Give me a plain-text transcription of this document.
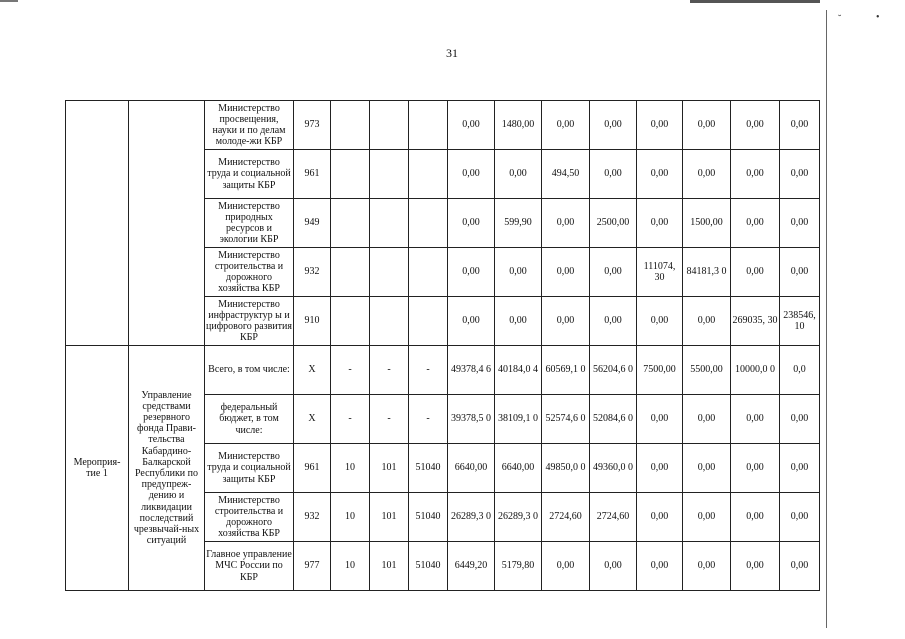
˘	•
31
		Министерство просвещения, науки и по делам молоде-жи КБР	973				0,00	1480,00	0,00	0,00	0,00	0,00	0,00	0,00
		Министерство труда и социальной защиты КБР	961				0,00	0,00	494,50	0,00	0,00	0,00	0,00	0,00
		Министерство природных ресурсов и экологии КБР	949				0,00	599,90	0,00	2500,00	0,00	1500,00	0,00	0,00
		Министерство строительства и дорожного хозяйства КБР	932				0,00	0,00	0,00	0,00	111074, 30	84181,3 0	0,00	0,00
		Министерство инфраструктур ы и цифрового развития КБР	910				0,00	0,00	0,00	0,00	0,00	0,00	269035, 30	238546, 10
Мероприя-тие 1	Управление средствами резервного фонда Прави-тельства Кабардино-Балкарской Республики по предупреж-дению и ликвидации последствий чрезвычай-ных ситуаций	Всего, в том числе:	Х	-	-	-	49378,4 6	40184,0 4	60569,1 0	56204,6 0	7500,00	5500,00	10000,0 0	0,0
		федеральный бюджет, в том числе:	Х	-	-	-	39378,5 0	38109,1 0	52574,6 0	52084,6 0	0,00	0,00	0,00	0,00
		Министерство труда и социальной защиты КБР	961	10	101	51040	6640,00	6640,00	49850,0 0	49360,0 0	0,00	0,00	0,00	0,00
		Министерство строительства и дорожного хозяйства КБР	932	10	101	51040	26289,3 0	26289,3 0	2724,60	2724,60	0,00	0,00	0,00	0,00
		Главное управление МЧС России по КБР	977	10	101	51040	6449,20	5179,80	0,00	0,00	0,00	0,00	0,00	0,00
